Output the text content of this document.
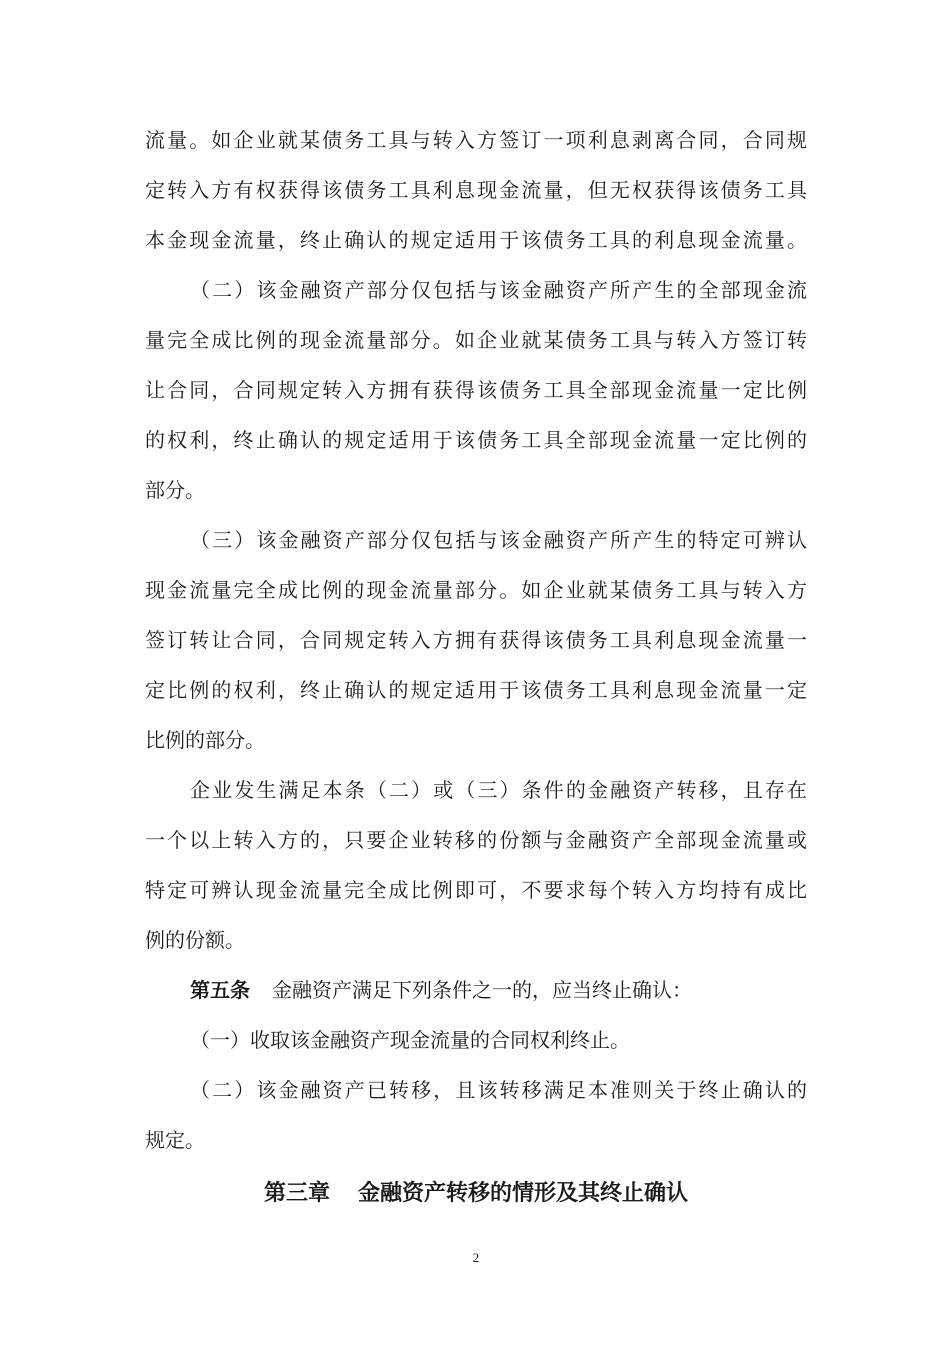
流量。如企业就某债务工具与转入方签订一项利息剥离合同，合同规
定转入方有权获得该债务工具利息现金流量，但无权获得该债务工具
本金现金流量，终止确认的规定适用于该债务工具的利息现金流量。
（二）该金融资产部分仅包括与该金融资产所产生的全部现金流
量完全成比例的现金流量部分。如企业就某债务工具与转入方签订转
让合同，合同规定转入方拥有获得该债务工具全部现金流量一定比例
的权利，终止确认的规定适用于该债务工具全部现金流量一定比例的
部分。
（三）该金融资产部分仅包括与该金融资产所产生的特定可辨认
现金流量完全成比例的现金流量部分。如企业就某债务工具与转入方
签订转让合同，合同规定转入方拥有获得该债务工具利息现金流量一
定比例的权利，终止确认的规定适用于该债务工具利息现金流量一定
比例的部分。
企业发生满足本条（二）或（三）条件的金融资产转移，且存在
一个以上转入方的，只要企业转移的份额与金融资产全部现金流量或
特定可辨认现金流量完全成比例即可，不要求每个转入方均持有成比
例的份额。
第五条 金融资产满足下列条件之一的，应当终止确认：
（一）收取该金融资产现金流量的合同权利终止。
（二）该金融资产已转移，且该转移满足本准则关于终止确认的
规定。
第三章 金融资产转移的情形及其终止确认
2
